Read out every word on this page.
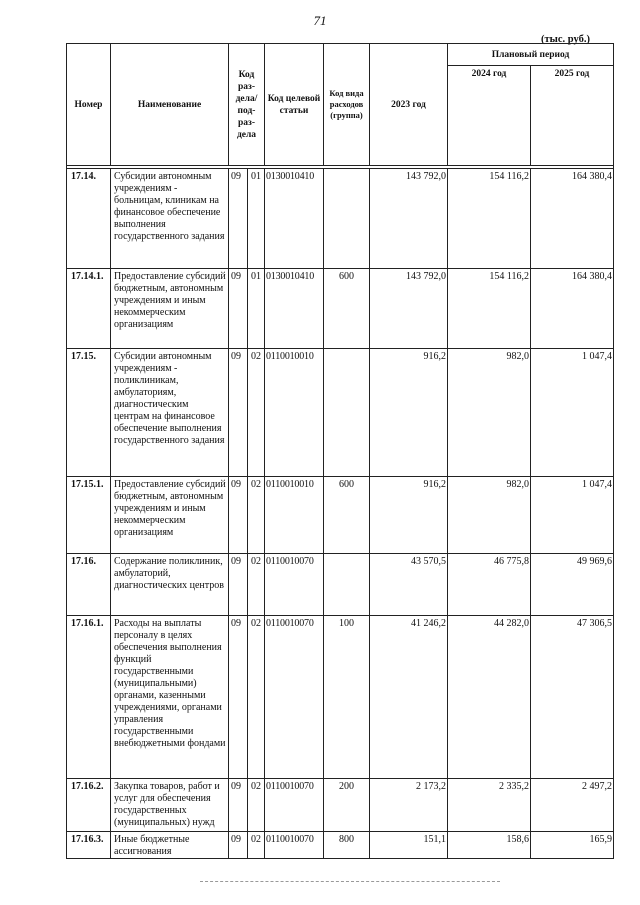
71
(тыс. руб.)
Номер	Наименование	Код раз-дела/ под-раз-дела		Код целевой статьи	Код вида расходов (группа)	2023 год	Плановый период	
							2024 год	2025 год

17.14.	Субсидии автономным учреждениям - больницам, клиникам на финансовое обеспечение выполнения государственного задания	09	01	0130010410		143 792,0	154 116,2	164 380,4
17.14.1.	Предоставление субсидий бюджетным, автономным учреждениям и иным некоммерческим организациям	09	01	0130010410	600	143 792,0	154 116,2	164 380,4
17.15.	Субсидии автономным учреждениям - поликлиникам, амбулаториям, диагностическим центрам на финансовое обеспечение выполнения государственного задания	09	02	0110010010		916,2	982,0	1 047,4
17.15.1.	Предоставление субсидий бюджетным, автономным учреждениям и иным некоммерческим организациям	09	02	0110010010	600	916,2	982,0	1 047,4
17.16.	Содержание поликлиник, амбулаторий, диагностических центров	09	02	0110010070		43 570,5	46 775,8	49 969,6
17.16.1.	Расходы на выплаты персоналу в целях обеспечения выполнения функций государственными (муниципальными) органами, казенными учреждениями, органами управления государственными внебюджетными фондами	09	02	0110010070	100	41 246,2	44 282,0	47 306,5
17.16.2.	Закупка товаров, работ и услуг для обеспечения государственных (муниципальных) нужд	09	02	0110010070	200	2 173,2	2 335,2	2 497,2
17.16.3.	Иные бюджетные ассигнования	09	02	0110010070	800	151,1	158,6	165,9
